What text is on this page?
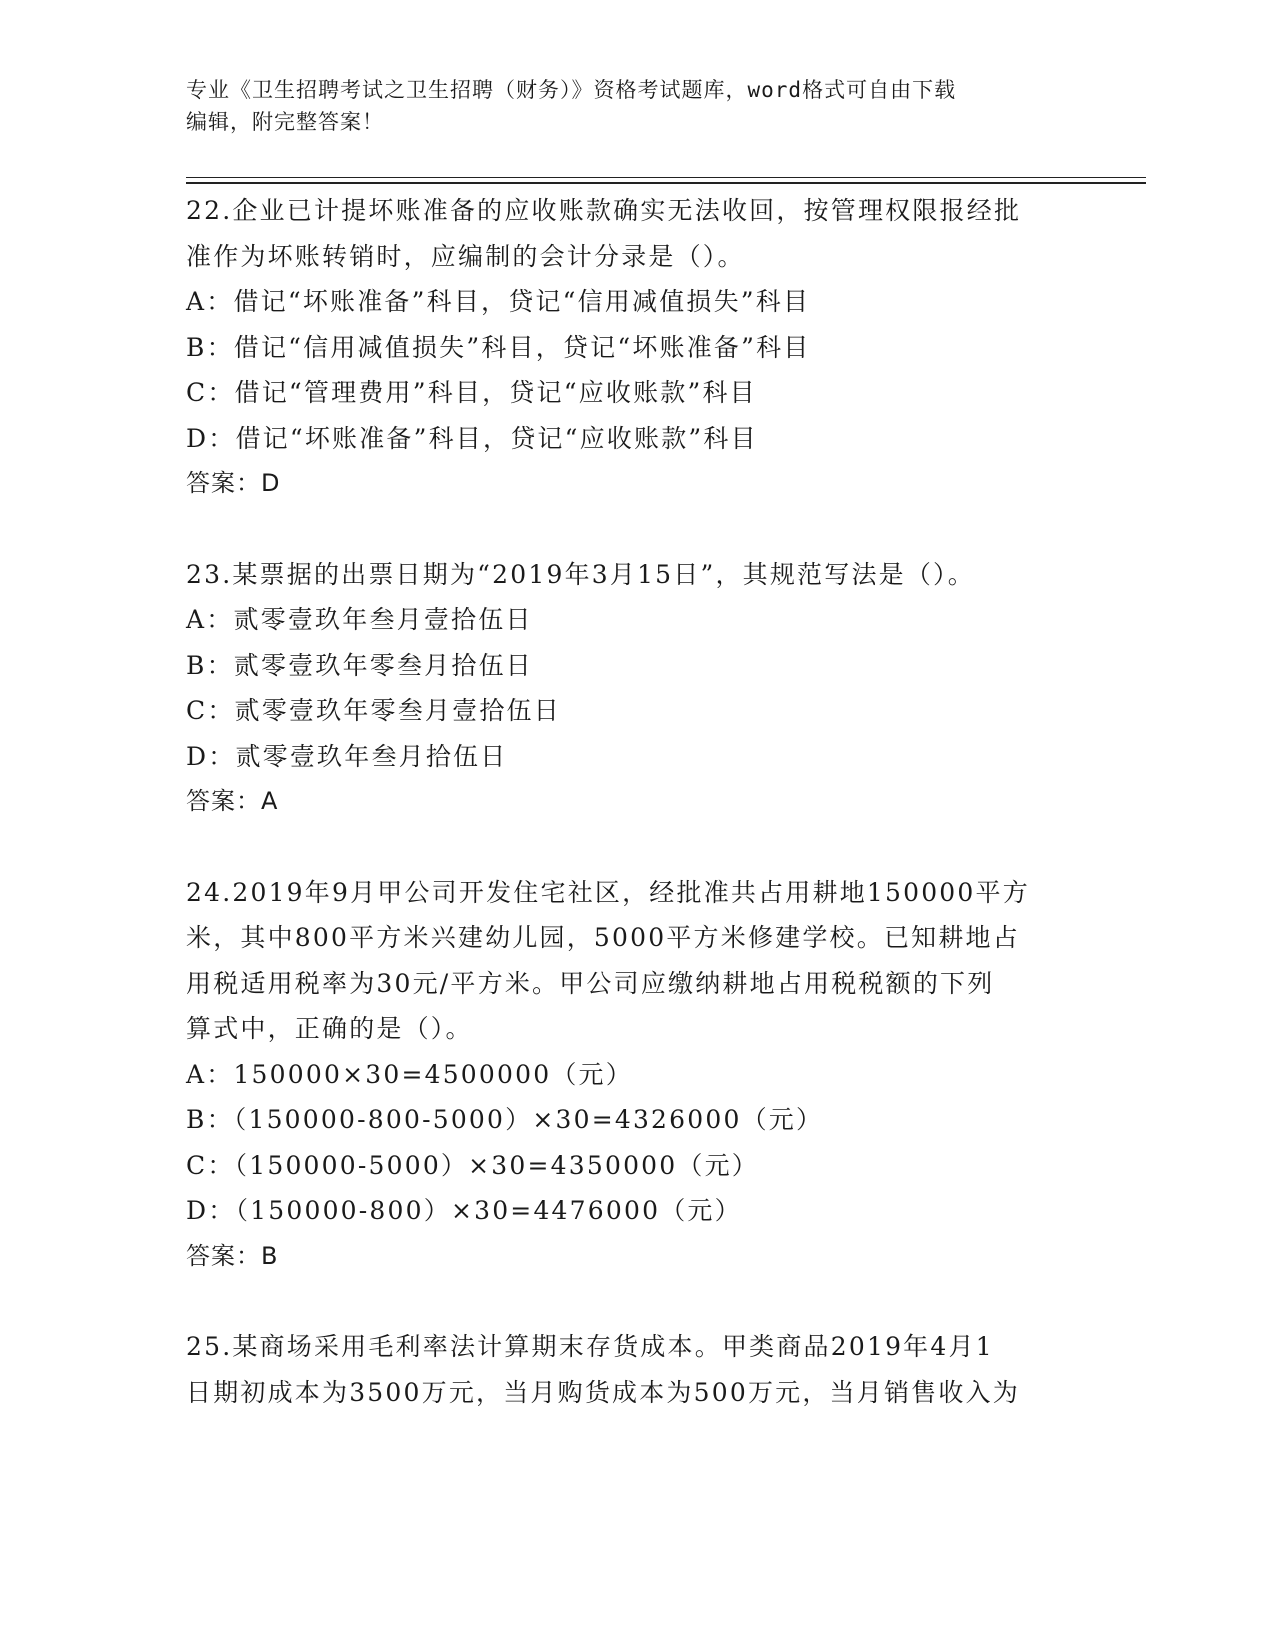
专业《卫生招聘考试之卫生招聘（财务）》资格考试题库，word格式可自由下载
编辑，附完整答案！
22.企业已计提坏账准备的应收账款确实无法收回，按管理权限报经批
准作为坏账转销时，应编制的会计分录是（）。
A：借记“坏账准备”科目，贷记“信用减值损失”科目
B：借记“信用减值损失”科目，贷记“坏账准备”科目
C：借记“管理费用”科目，贷记“应收账款”科目
D：借记“坏账准备”科目，贷记“应收账款”科目
答案：D
23.某票据的出票日期为“2019年3月15日”，其规范写法是（）。
A：贰零壹玖年叁月壹拾伍日
B：贰零壹玖年零叁月拾伍日
C：贰零壹玖年零叁月壹拾伍日
D：贰零壹玖年叁月拾伍日
答案：A
24.2019年9月甲公司开发住宅社区，经批准共占用耕地150000平方
米，其中800平方米兴建幼儿园，5000平方米修建学校。已知耕地占
用税适用税率为30元/平方米。甲公司应缴纳耕地占用税税额的下列
算式中，正确的是（）。
A：150000×30=4500000（元）
B：（150000-800-5000）×30=4326000（元）
C：（150000-5000）×30=4350000（元）
D：（150000-800）×30=4476000（元）
答案：B
25.某商场采用毛利率法计算期末存货成本。甲类商品2019年4月1
日期初成本为3500万元，当月购货成本为500万元，当月销售收入为
